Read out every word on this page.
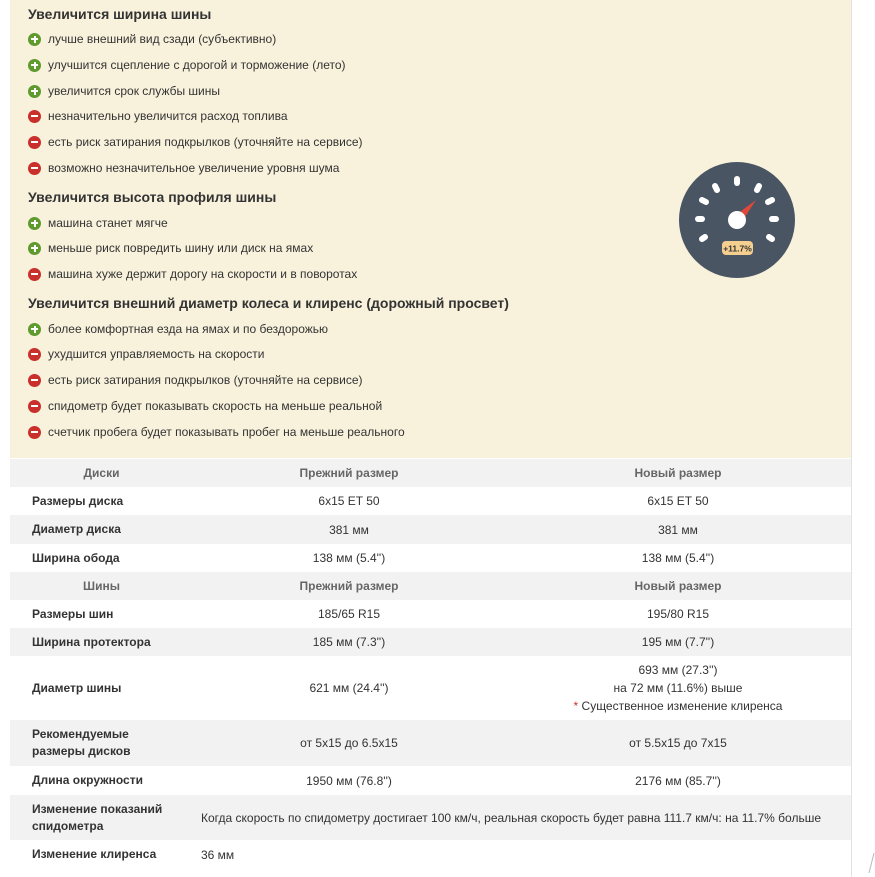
Увеличится ширина шины
лучше внешний вид сзади (субъективно)
улучшится сцепление с дорогой и торможение (лето)
увеличится срок службы шины
незначительно увеличится расход топлива
есть риск затирания подкрылков (уточняйте на сервисе)
возможно незначительное увеличение уровня шума
Увеличится высота профиля шины
машина станет мягче
меньше риск повредить шину или диск на ямах
машина хуже держит дорогу на скорости и в поворотах
Увеличится внешний диаметр колеса и клиренс (дорожный просвет)
более комфортная езда на ямах и по бездорожью
ухудшится управляемость на скорости
есть риск затирания подкрылков (уточняйте на сервисе)
спидометр будет показывать скорость на меньше реальной
счетчик пробега будет показывать пробег на меньше реального
+11.7%
Диски	Прежний размер	Новый размер
Размеры диска	6x15 ET 50	6x15 ET 50
Диаметр диска	381 мм	381 мм
Ширина обода	138 мм (5.4'')	138 мм (5.4'')
Шины	Прежний размер	Новый размер
Размеры шин	185/65 R15	195/80 R15
Ширина протектора	185 мм (7.3'')	195 мм (7.7'')
Диаметр шины	621 мм (24.4'')	693 мм (27.3'')
на 72 мм (11.6%) выше
* Существенное изменение клиренса

Рекомендуемые
размеры дисков	от 5x15 до 6.5x15	от 5.5x15 до 7x15
Длина окружности	1950 мм (76.8'')	2176 мм (85.7'')

Изменение показаний
спидометра	Когда скорость по спидометру достигает 100 км/ч, реальная скорость будет равна 111.7 км/ч: на 11.7% больше	
Изменение клиренса	36 мм	
